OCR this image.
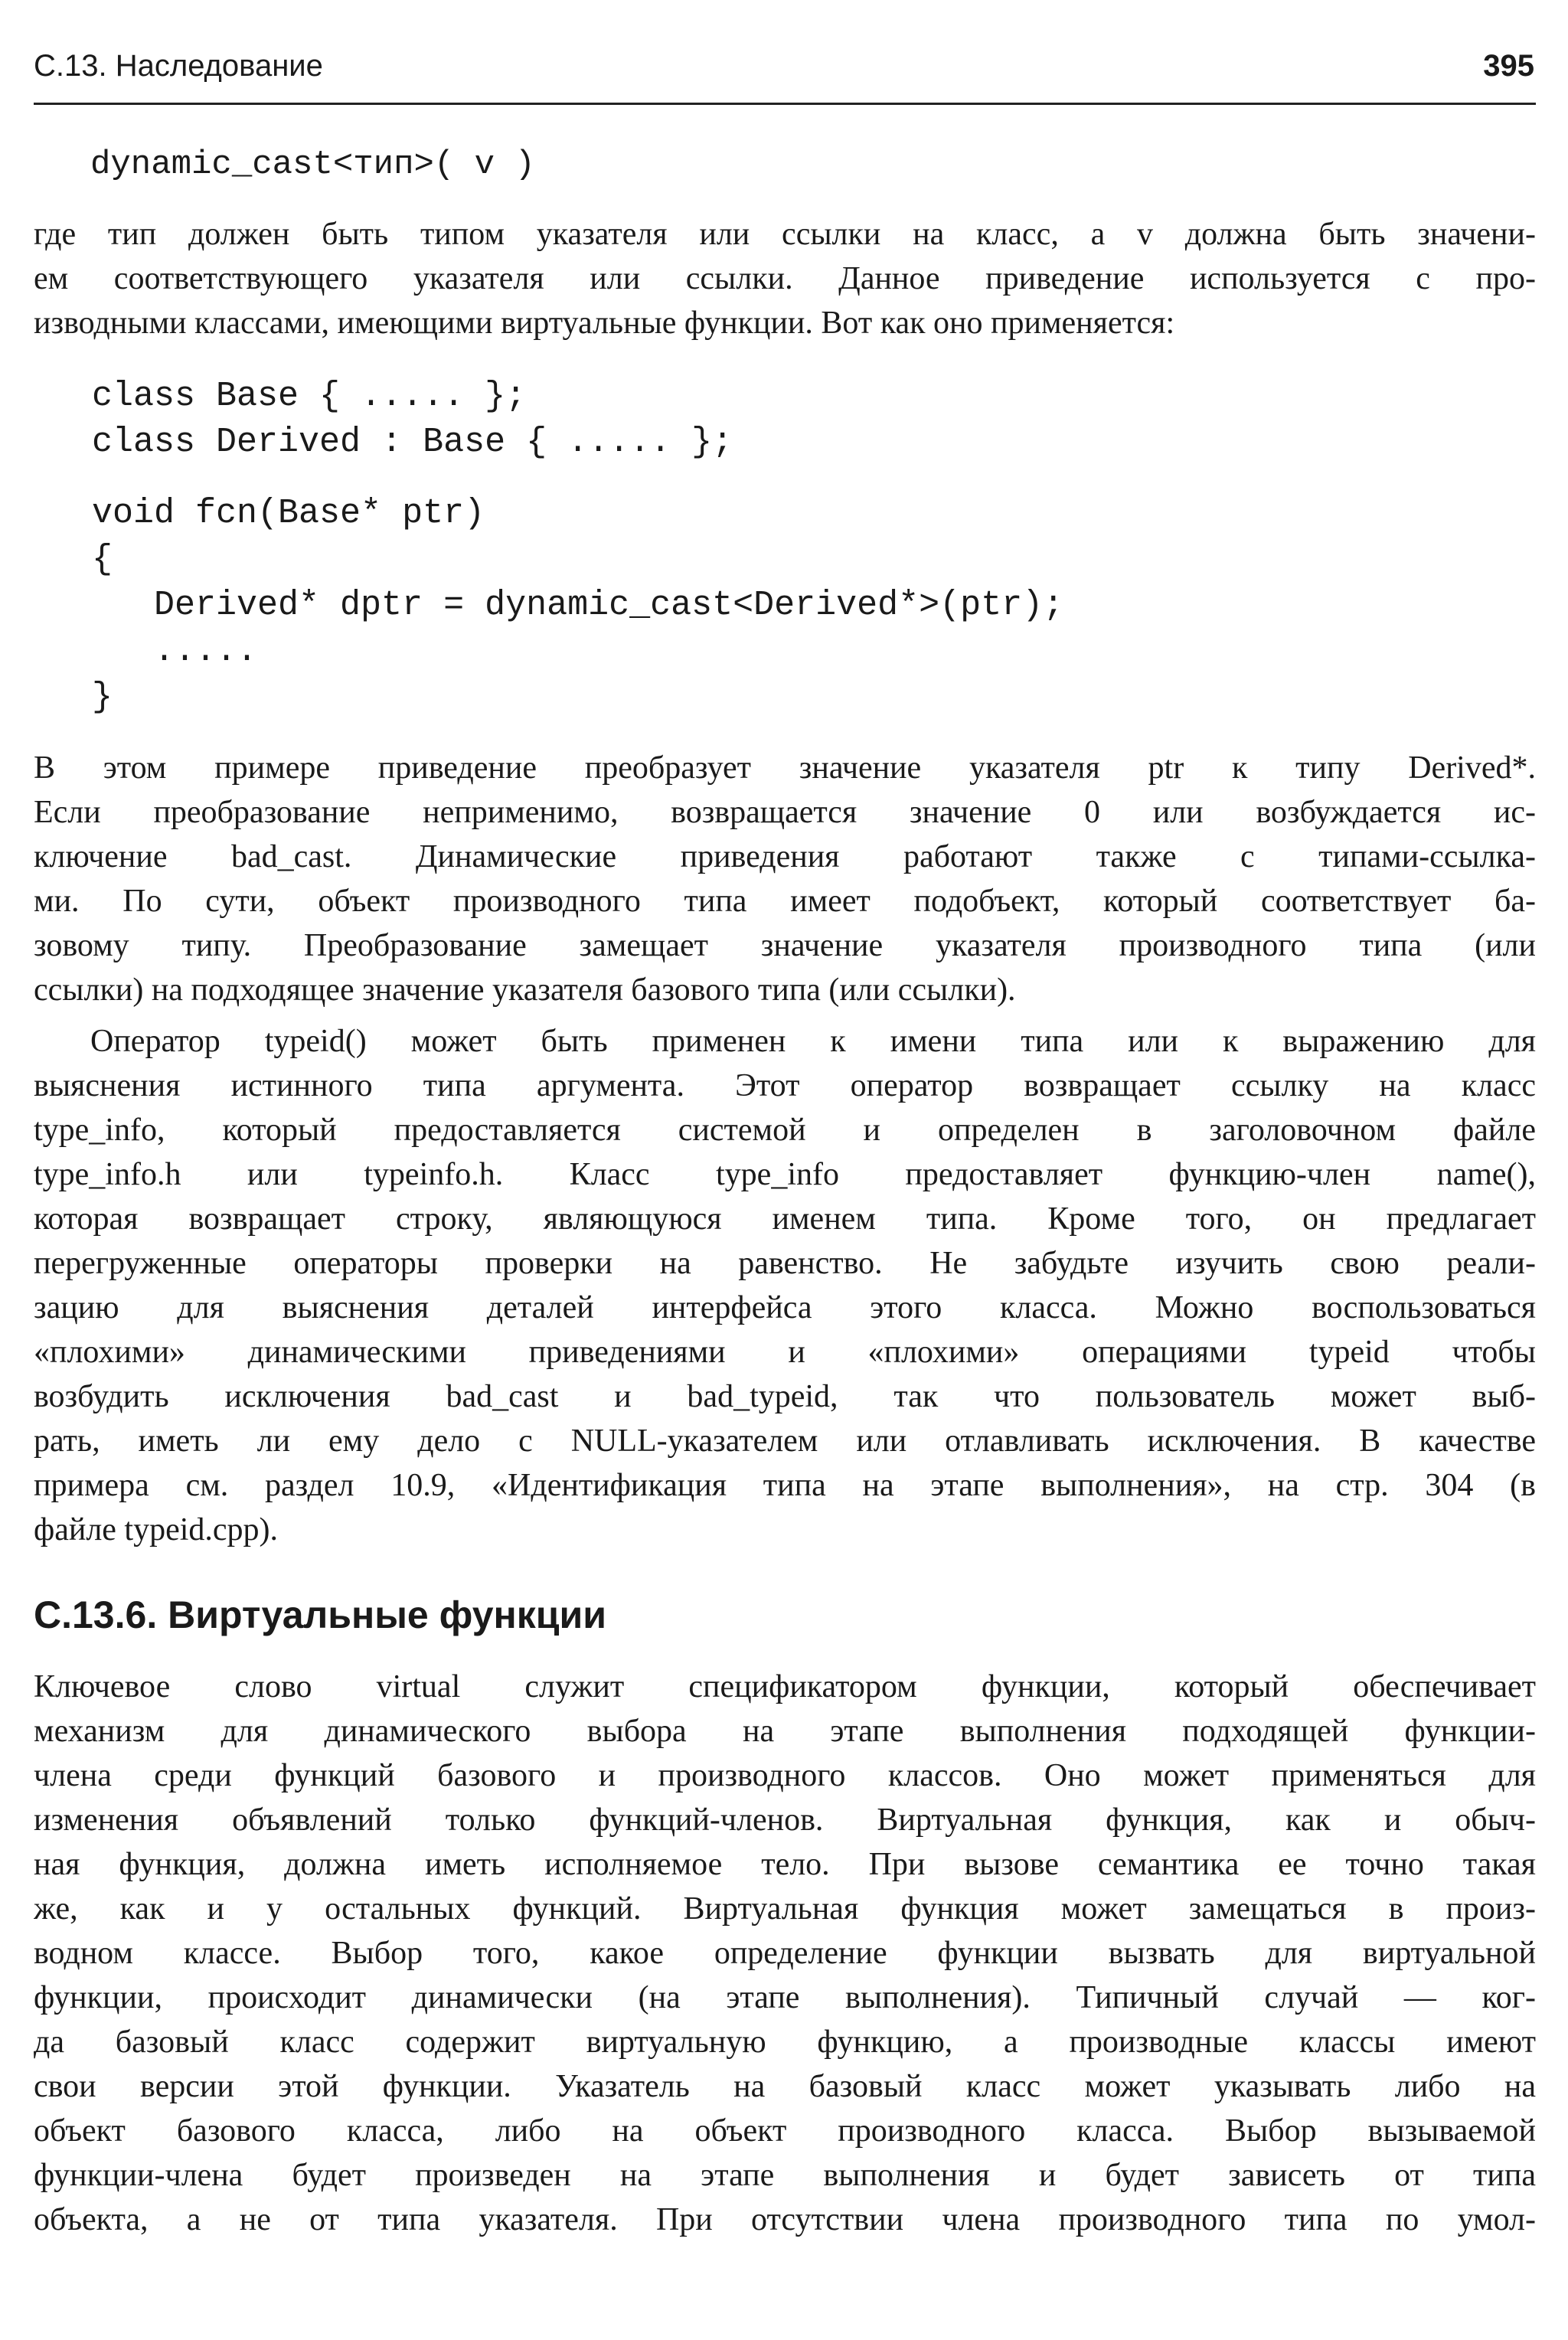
C.13. Наследование	395
dynamic_cast<тип>( v )
где тип должен быть типом указателя или ссылки на класс, а v должна быть значени-
ем соответствующего указателя или ссылки. Данное приведение используется с про-
изводными классами, имеющими виртуальные функции. Вот как оно применяется:
class Base { ..... };
class Derived : Base { ..... };
void fcn(Base* ptr)
{
Derived* dptr = dynamic_cast<Derived*>(ptr);
.....
}
В этом примере приведение преобразует значение указателя ptr к типу Derived*.
Если преобразование неприменимо, возвращается значение 0 или возбуждается ис-
ключение bad_cast. Динамические приведения работают также с типами-ссылка-
ми. По сути, объект производного типа имеет подобъект, который соответствует ба-
зовому типу. Преобразование замещает значение указателя производного типа (или
ссылки) на подходящее значение указателя базового типа (или ссылки).
Оператор typeid() может быть применен к имени типа или к выражению для
выяснения истинного типа аргумента. Этот оператор возвращает ссылку на класс
type_info, который предоставляется системой и определен в заголовочном файле
type_info.h или typeinfo.h. Класс type_info предоставляет функцию-член name(),
которая возвращает строку, являющуюся именем типа. Кроме того, он предлагает
перегруженные операторы проверки на равенство. Не забудьте изучить свою реали-
зацию для выяснения деталей интерфейса этого класса. Можно воспользоваться
«плохими» динамическими приведениями и «плохими» операциями typeid чтобы
возбудить исключения bad_cast и bad_typeid, так что пользователь может выб-
рать, иметь ли ему дело с NULL-указателем или отлавливать исключения. В качестве
примера см. раздел 10.9, «Идентификация типа на этапе выполнения», на стр. 304 (в
файле typeid.cpp).
C.13.6. Виртуальные функции
Ключевое слово virtual служит спецификатором функции, который обеспечивает
механизм для динамического выбора на этапе выполнения подходящей функции-
члена среди функций базового и производного классов. Оно может применяться для
изменения объявлений только функций-членов. Виртуальная функция, как и обыч-
ная функция, должна иметь исполняемое тело. При вызове семантика ее точно такая
же, как и у остальных функций. Виртуальная функция может замещаться в произ-
водном классе. Выбор того, какое определение функции вызвать для виртуальной
функции, происходит динамически (на этапе выполнения). Типичный случай — ког-
да базовый класс содержит виртуальную функцию, а производные классы имеют
свои версии этой функции. Указатель на базовый класс может указывать либо на
объект базового класса, либо на объект производного класса. Выбор вызываемой
функции-члена будет произведен на этапе выполнения и будет зависеть от типа
объекта, а не от типа указателя. При отсутствии члена производного типа по умол-
